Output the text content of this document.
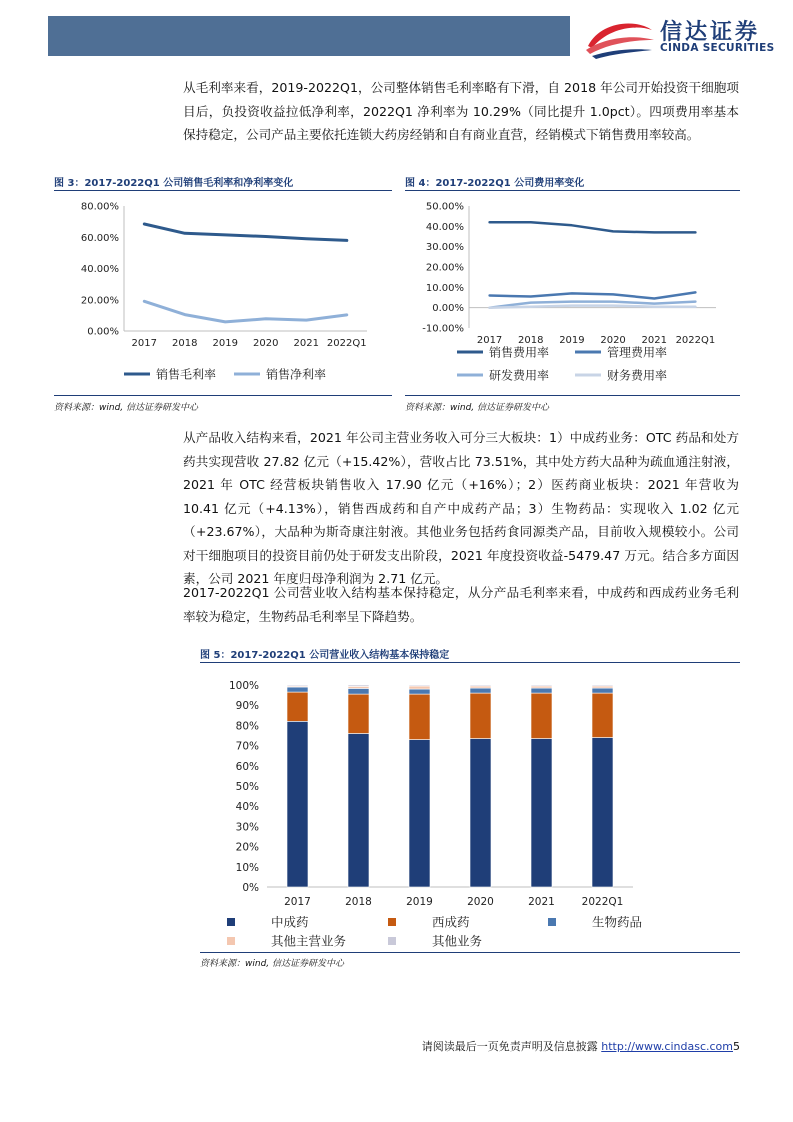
信达证券
CINDA SECURITIES

从毛利率来看，2019-2022Q1，公司整体销售毛利率略有下滑，自 2018 年公司开始投资干细胞项目后，负投资收益拉低净利率，2022Q1 净利率为 10.29%（同比提升 1.0pct）。四项费用率基本保持稳定，公司产品主要依托连锁大药房经销和自有商业直营，经销模式下销售费用率较高。

图 3：2017-2022Q1 公司销售毛利率和净利率变化	图 4：2017-2022Q1 公司费用率变化
0.00%
20.00%
40.00%
60.00%
80.00%
2017 2018 2019 2020 2021 2022Q1
销售毛利率	销售净利率
-10.00%
0.00%
10.00%
20.00%
30.00%
40.00%
50.00%
2017 2018 2019 2020 2021 2022Q1
销售费用率	管理费用率
研发费用率	财务费用率
资料来源：wind, 信达证券研发中心	资料来源：wind, 信达证券研发中心

从产品收入结构来看，2021 年公司主营业务收入可分三大板块：1）中成药业务：OTC 药品和处方药共实现营收 27.82 亿元（+15.42%），营收占比 73.51%，其中处方药大品种为疏血通注射液，2021 年 OTC 经营板块销售收入 17.90 亿元（+16%）；2）医药商业板块：2021 年营收为 10.41 亿元（+4.13%），销售西成药和自产中成药产品；3）生物药品：实现收入 1.02 亿元（+23.67%），大品种为斯奇康注射液。其他业务包括药食同源类产品，目前收入规模较小。公司对干细胞项目的投资目前仍处于研发支出阶段，2021 年度投资收益-5479.47 万元。结合多方面因素，公司 2021 年度归母净利润为 2.71 亿元。

2017-2022Q1 公司营业收入结构基本保持稳定，从分产品毛利率来看，中成药和西成药业务毛利率较为稳定，生物药品毛利率呈下降趋势。

图 5：2017-2022Q1 公司营业收入结构基本保持稳定
0%
10%
20%
30%
40%
50%
60%
70%
80%
90%
100%
2017	2018	2019	2020	2021	2022Q1
中成药	西成药	生物药品
其他主营业务	其他业务
资料来源：wind, 信达证券研发中心
请阅读最后一页免责声明及信息披露 http://www.cindasc.com5
